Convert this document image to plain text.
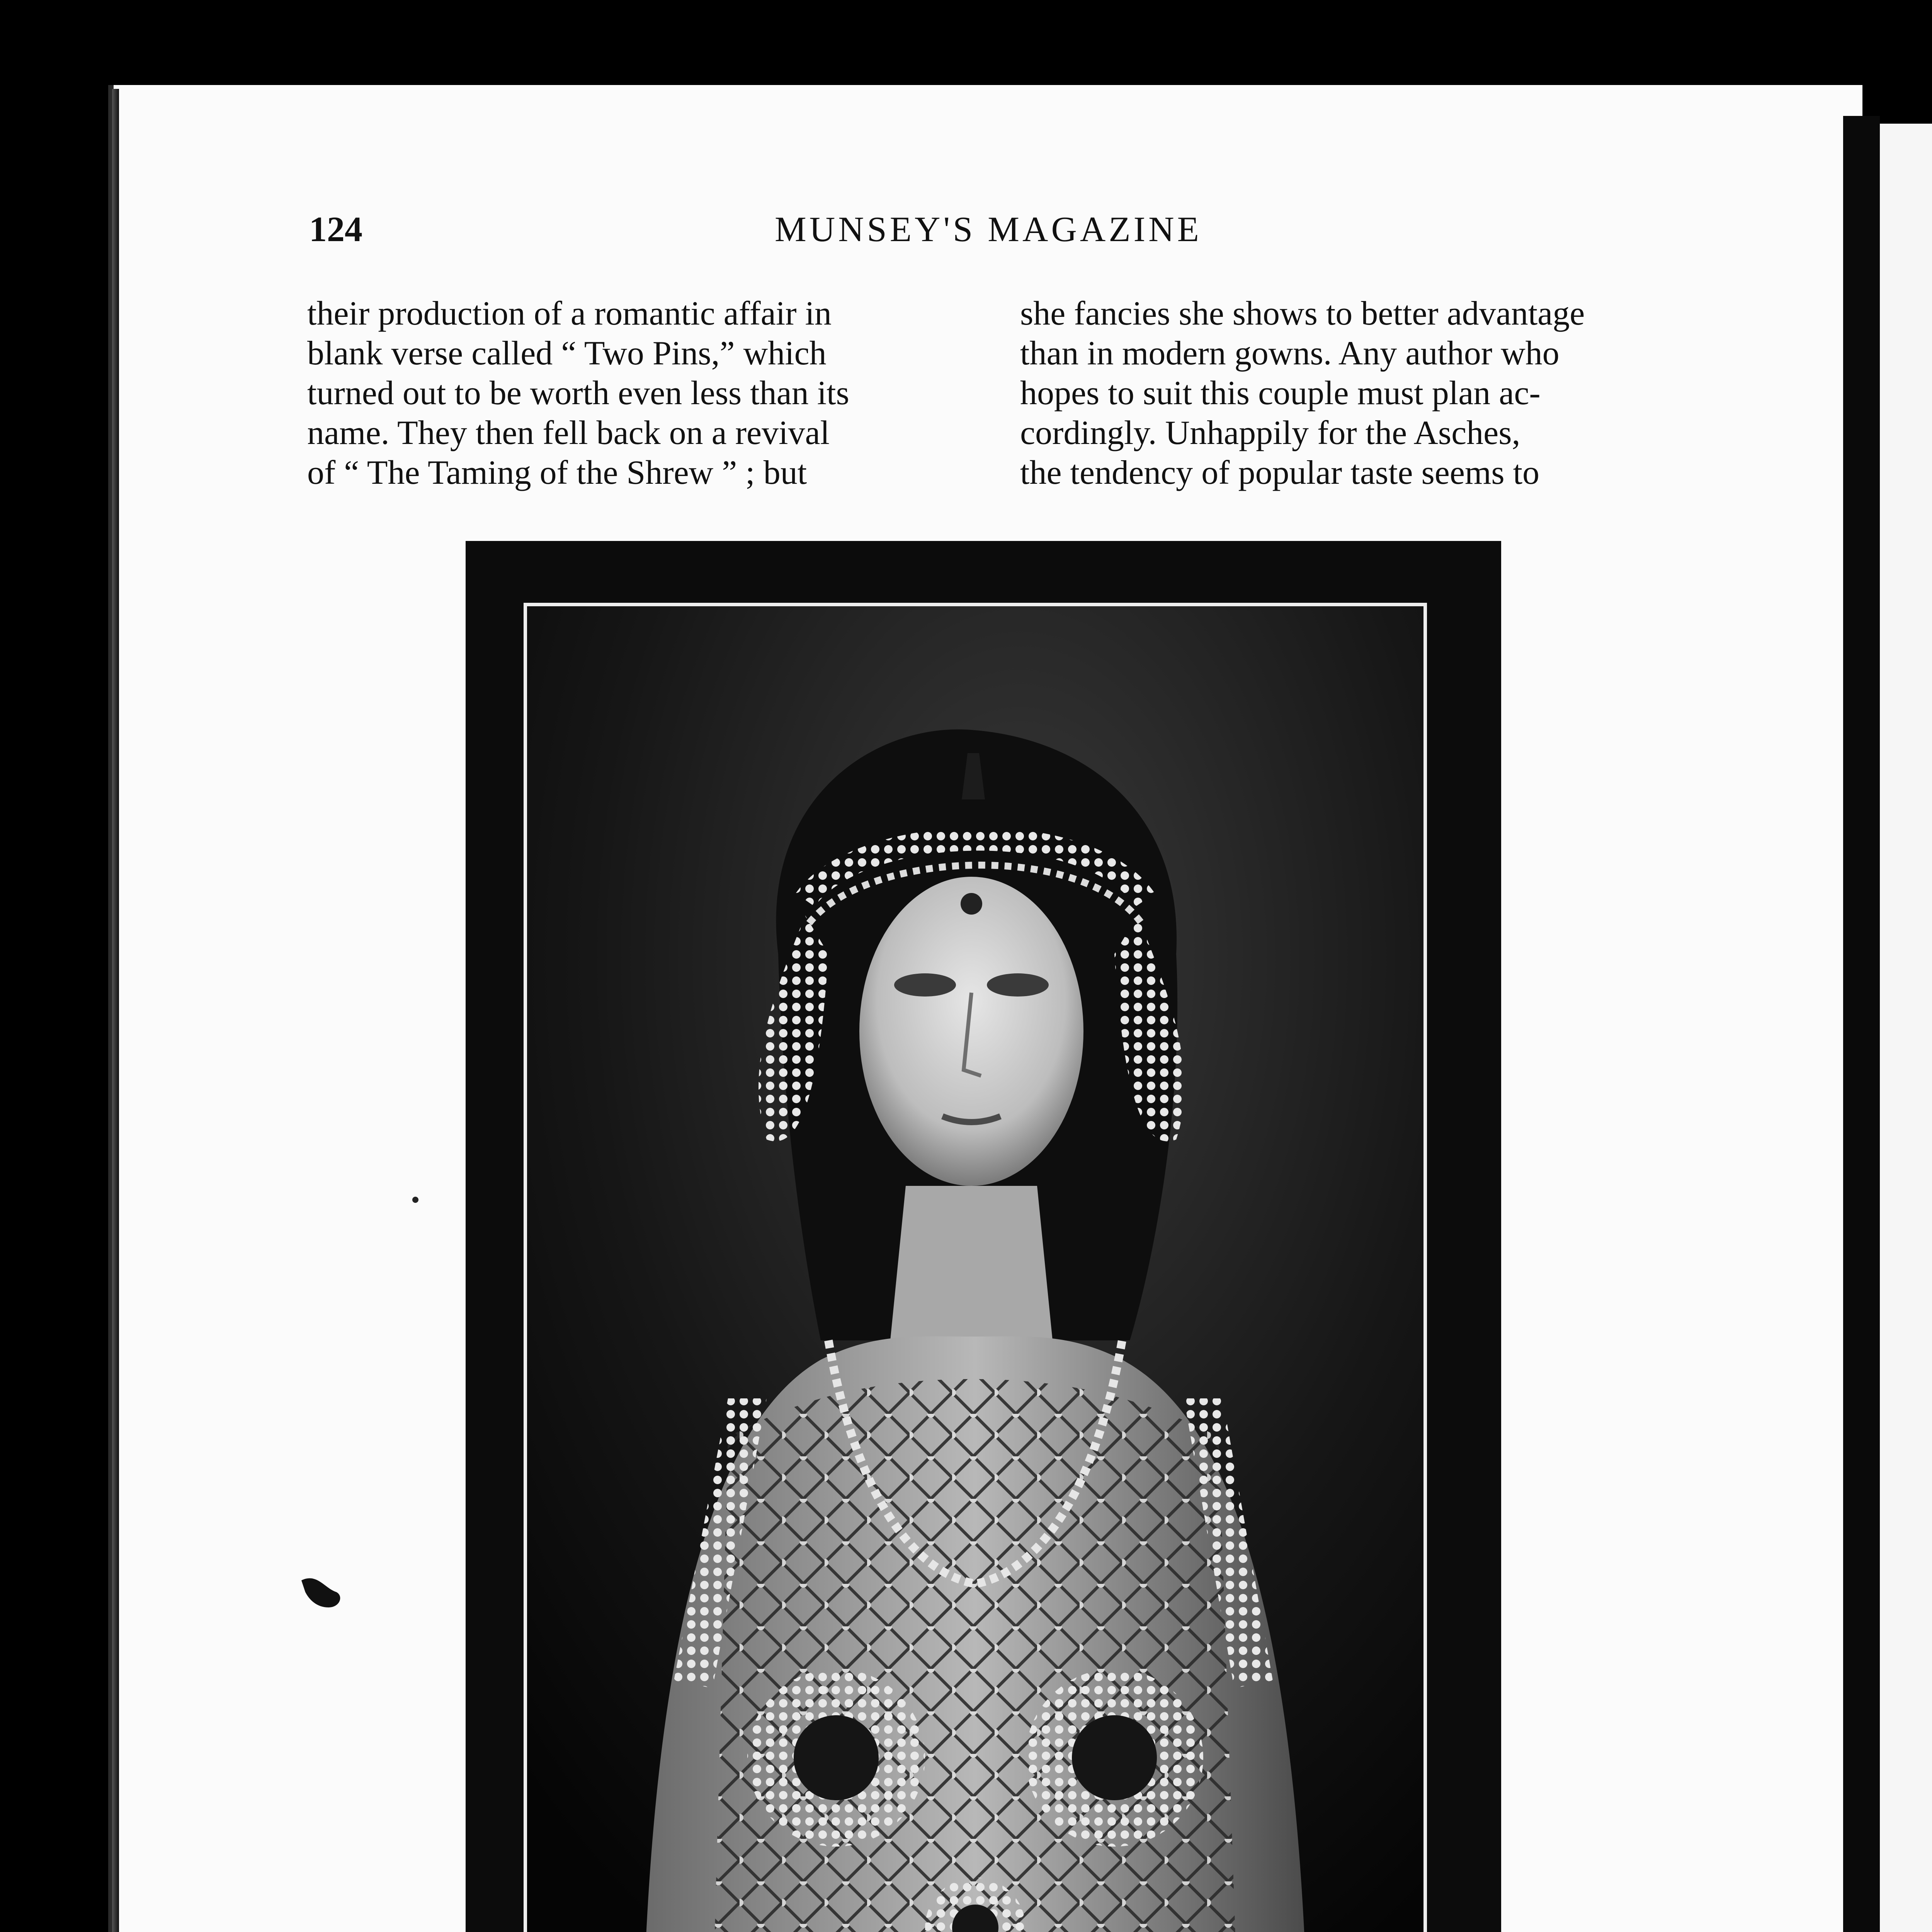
124	MUNSEY'S MAGAZINE
their production of a romantic affair in
blank verse called “ Two Pins,” which
turned out to be worth even less than its
name. They then fell back on a revival
of “ The Taming of the Shrew ” ; but
she fancies she shows to better advantage
than in modern gowns. Any author who
hopes to suit this couple must plan ac-
cordingly. Unhappily for the Asches,
the tendency of popular taste seems to
